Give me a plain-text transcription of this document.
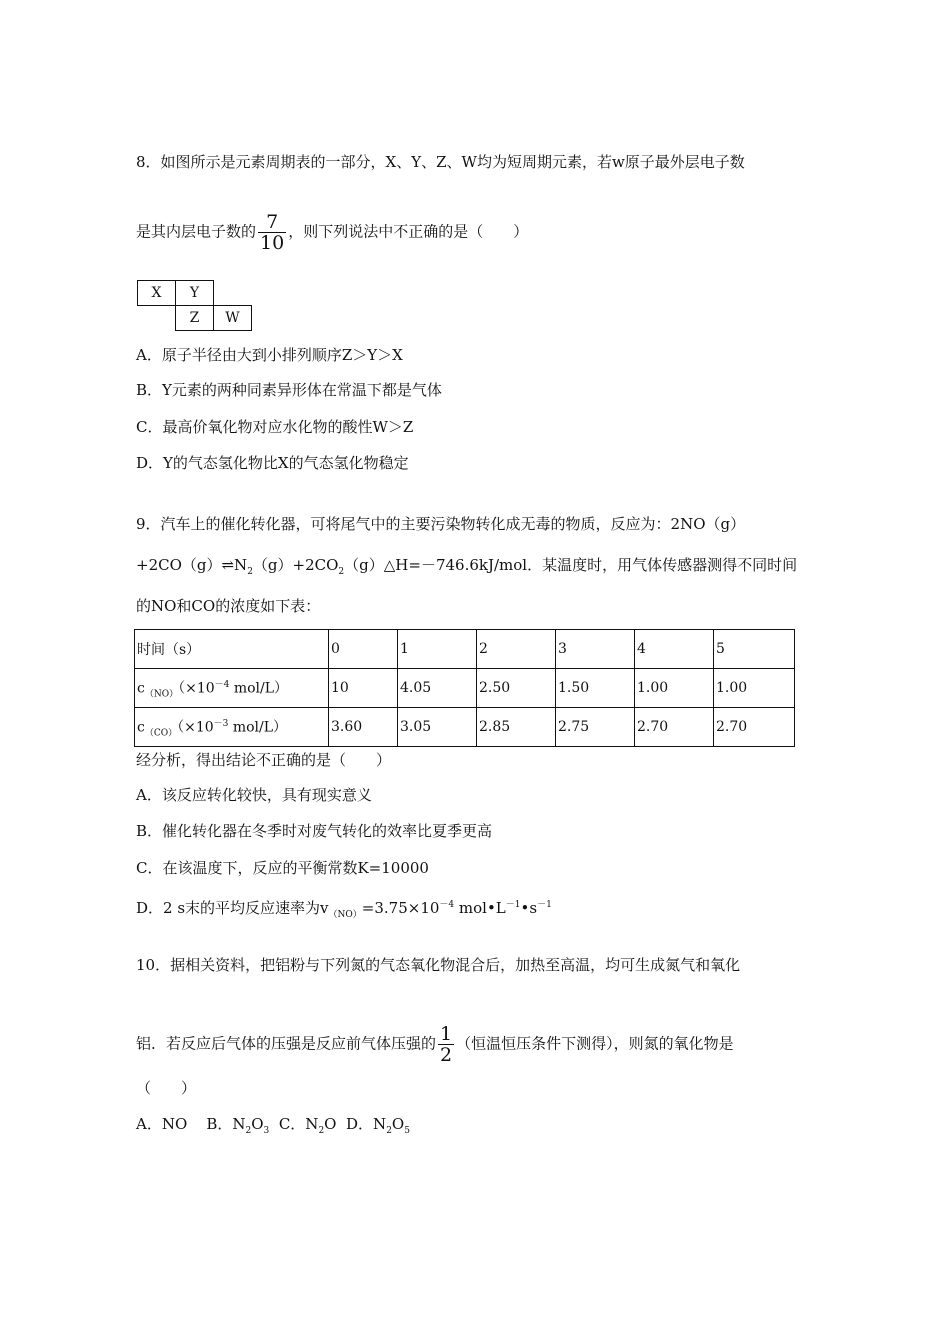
8．如图所示是元素周期表的一部分，X、Y、Z、W均为短周期元素，若w原子最外层电子数
是其内层电子数的 $\frac{7}{10}$ ，则下列说法中不正确的是（　　）
X	Y	
	Z	W
A．原子半径由大到小排列顺序Z＞Y＞X
B．Y元素的两种同素异形体在常温下都是气体
C．最高价氧化物对应水化物的酸性W＞Z
D．Y的气态氢化物比X的气态氢化物稳定
9．汽车上的催化转化器，可将尾气中的主要污染物转化成无毒的物质，反应为：2NO（g）
$+2CO(g)\rightleftharpoons N_2(g)+2CO_2(g)\triangle H=-746.6kJ$/mol．某温度时，用气体传感器测得不同时间
的NO和CO的浓度如下表：
时间（s）	0	1	2	3	4	5
$c_{(NO)}(\times 10^{-4}$ mol/L）	10	4.05	2.50	1.50	1.00	1.00
$c_{(CO)}(\times 10^{-3}$ mol/L）	3.60	3.05	2.85	2.75	2.70	2.70
经分析，得出结论不正确的是（　　）
A．该反应转化较快，具有现实意义
B．催化转化器在冬季时对废气转化的效率比夏季更高
C．在该温度下，反应的平衡常数K=10000
D．2 s末的平均反应速率为$v_{(NO)}=3.75\times 10^{-4}$ $mol•L^{-1}•s^{-1}$
10．据相关资料，把铝粉与下列氮的气态氧化物混合后，加热至高温，均可生成氮气和氧化
铝．若反应后气体的压强是反应前气体压强的 $\frac{1}{2}$ （恒温恒压条件下测得），则氮的氧化物是
（　　）
A．NO B．$N_2O_3$ C．$N_2O$ D．$N_2O_5$
